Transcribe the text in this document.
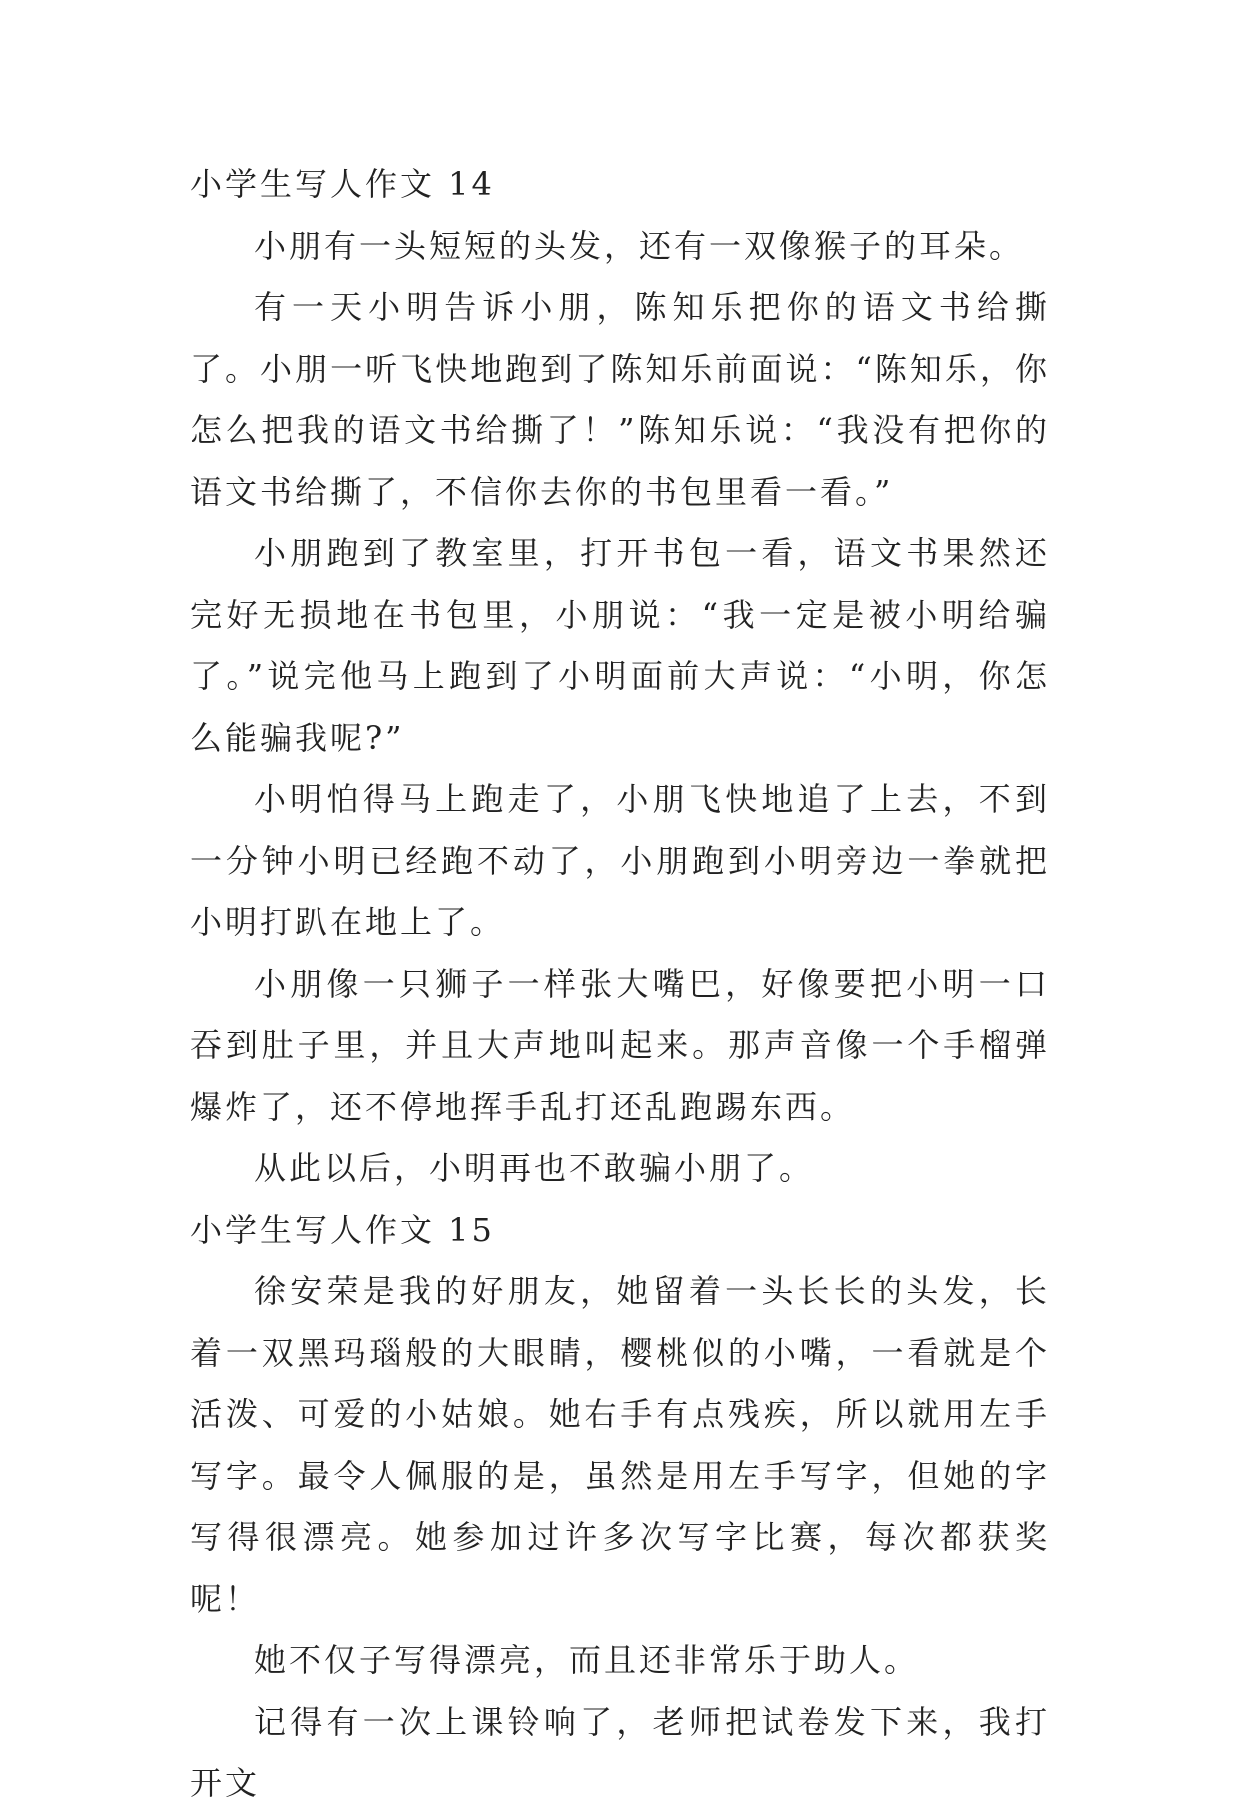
小学生写人作文 14

小朋有一头短短的头发，还有一双像猴子的耳朵。

有一天小明告诉小朋，陈知乐把你的语文书给撕了。小朋一听飞快地跑到了陈知乐前面说：“陈知乐，你怎么把我的语文书给撕了！”陈知乐说：“我没有把你的语文书给撕了，不信你去你的书包里看一看。”

小朋跑到了教室里，打开书包一看，语文书果然还完好无损地在书包里，小朋说：“我一定是被小明给骗了。”说完他马上跑到了小明面前大声说：“小明，你怎么能骗我呢?”

小明怕得马上跑走了，小朋飞快地追了上去，不到一分钟小明已经跑不动了，小朋跑到小明旁边一拳就把小明打趴在地上了。

小朋像一只狮子一样张大嘴巴，好像要把小明一口吞到肚子里，并且大声地叫起来。那声音像一个手榴弹爆炸了，还不停地挥手乱打还乱跑踢东西。

从此以后，小明再也不敢骗小朋了。

小学生写人作文 15

徐安荣是我的好朋友，她留着一头长长的头发，长着一双黑玛瑙般的大眼睛，樱桃似的小嘴，一看就是个活泼、可爱的小姑娘。她右手有点残疾，所以就用左手写字。最令人佩服的是，虽然是用左手写字，但她的字写得很漂亮。她参加过许多次写字比赛，每次都获奖呢！

她不仅子写得漂亮，而且还非常乐于助人。

记得有一次上课铃响了，老师把试卷发下来，我打开文
